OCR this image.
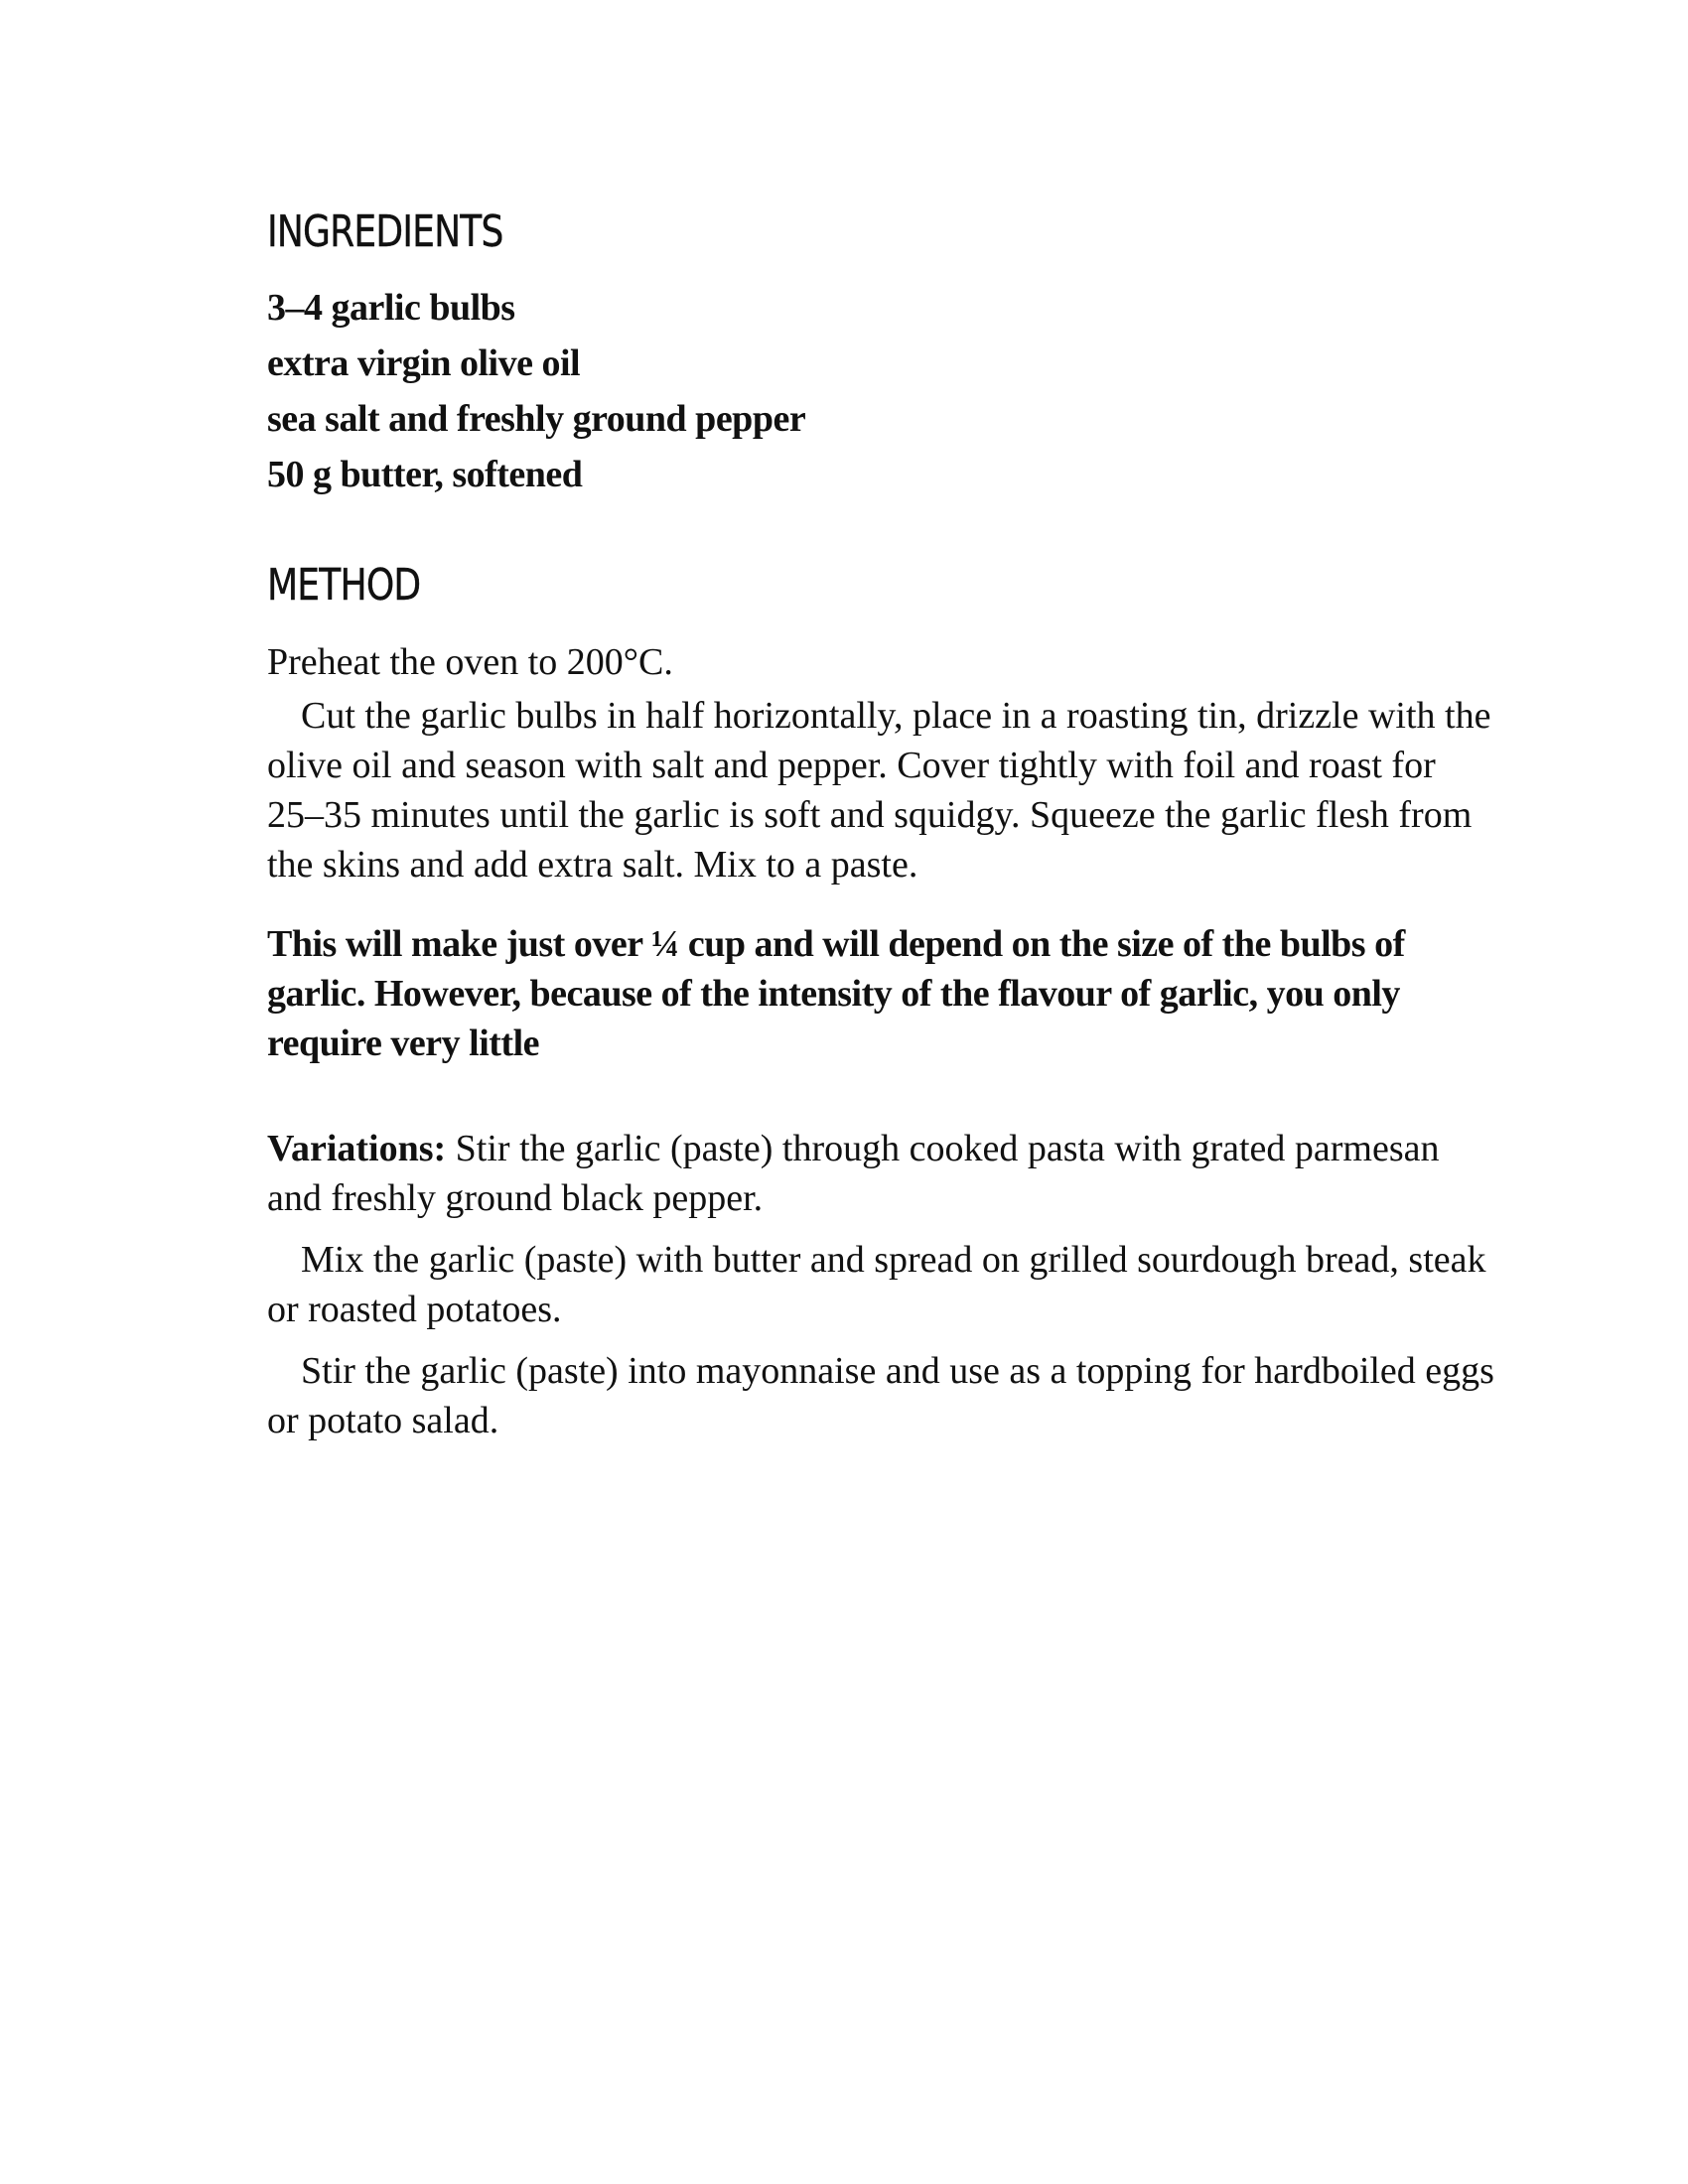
INGREDIENTS
3–4 garlic bulbs
extra virgin olive oil
sea salt and freshly ground pepper
50 g butter, softened
METHOD

Preheat the oven to 200°C.

Cut the garlic bulbs in half horizontally, place in a roasting tin, drizzle with the olive oil and season with salt and pepper. Cover tightly with foil and roast for 25–35 minutes until the garlic is soft and squidgy. Squeeze the garlic flesh from the skins and add extra salt. Mix to a paste.

This will make just over ¼ cup and will depend on the size of the bulbs of garlic. However, because of the intensity of the flavour of garlic, you only require very little

Variations: Stir the garlic (paste) through cooked pasta with grated parmesan and freshly ground black pepper.

Mix the garlic (paste) with butter and spread on grilled sourdough bread, steak or roasted potatoes.

Stir the garlic (paste) into mayonnaise and use as a topping for hardboiled eggs or potato salad.
